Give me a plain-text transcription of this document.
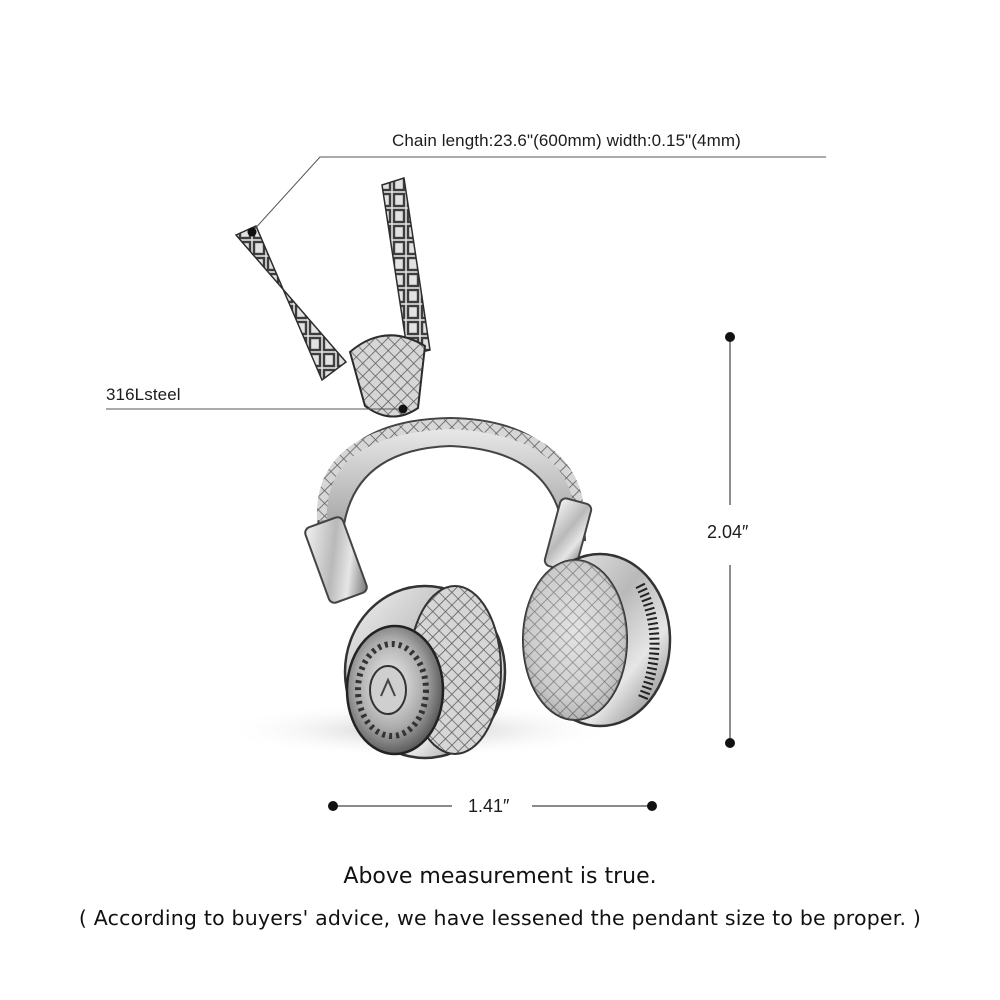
Chain length:23.6"(600mm) width:0.15"(4mm)
316Lsteel
2.04″
1.41″
Above measurement is true.
( According to buyers' advice, we have lessened the pendant size to be proper. )
